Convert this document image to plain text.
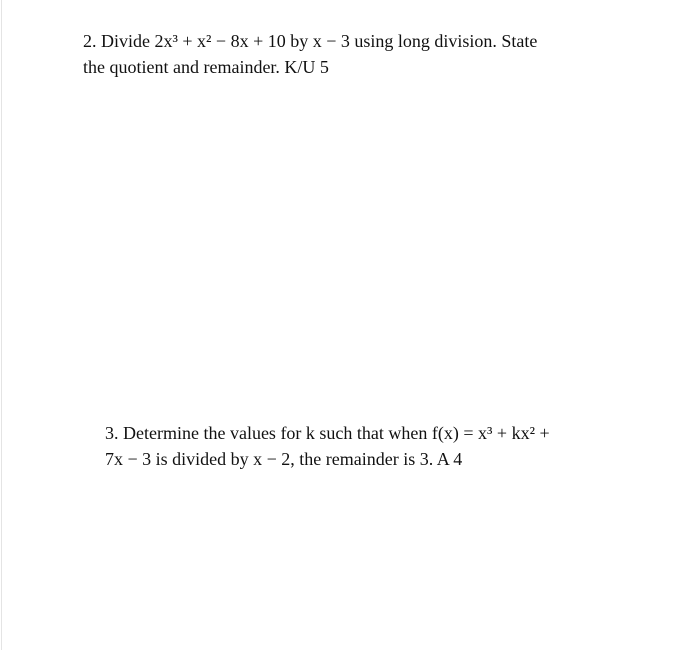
2. Divide 2x³ + x² − 8x + 10 by x − 3 using long division. State
the quotient and remainder. K/U 5
3. Determine the values for k such that when f(x) = x³ + kx² +
7x − 3 is divided by x − 2, the remainder is 3. A 4
